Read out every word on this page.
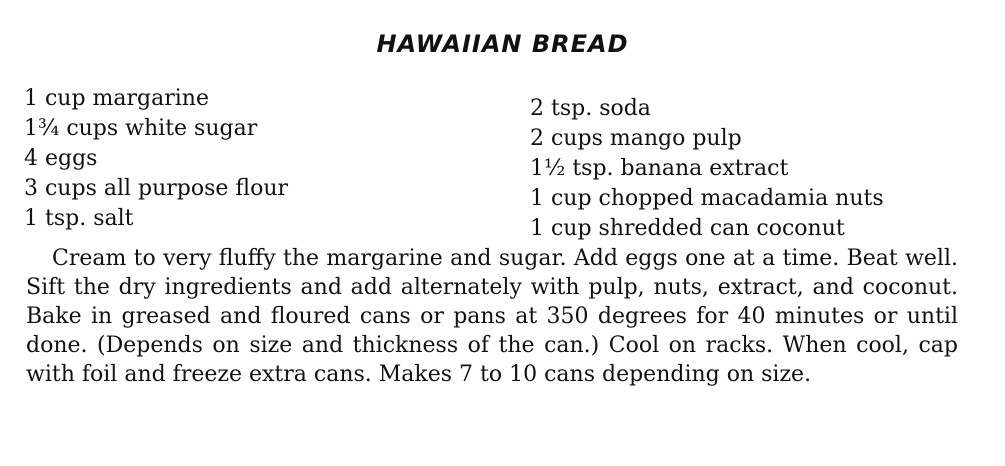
HAWAIIAN BREAD
1 cup margarine
1¾ cups white sugar
4 eggs
3 cups all purpose flour
1 tsp. salt
2 tsp. soda
2 cups mango pulp
1½ tsp. banana extract
1 cup chopped macadamia nuts
1 cup shredded can coconut

Cream to very fluffy the margarine and sugar. Add eggs one at a time. Beat well. Sift the dry ingredients and add alternately with pulp, nuts, extract, and coconut. Bake in greased and floured cans or pans at 350 degrees for 40 minutes or until done. (Depends on size and thickness of the can.) Cool on racks. When cool, cap with foil and freeze extra cans. Makes 7 to 10 cans depending on size.
